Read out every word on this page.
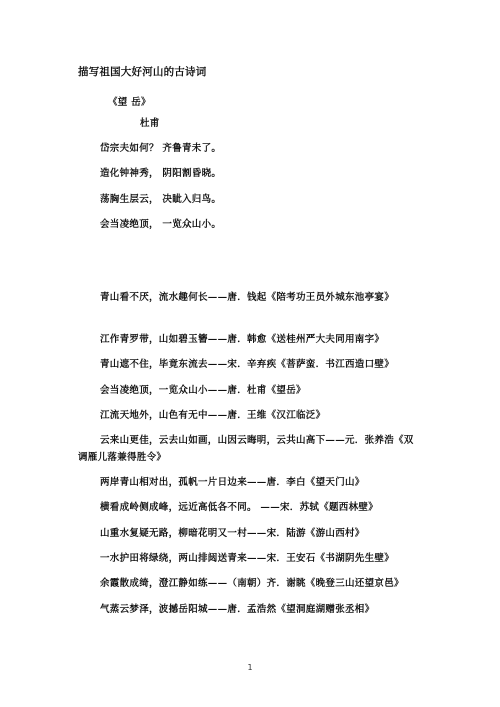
描写祖国大好河山的古诗词
《望 岳》
杜甫
岱宗夫如何？ 齐鲁青未了。
造化钟神秀， 阴阳割昏晓。
荡胸生层云， 决眦入归鸟。
会当凌绝顶， 一览众山小。
青山看不厌，流水趣何长——唐．钱起《陪考功王员外城东池亭宴》
江作青罗带，山如碧玉簪——唐．韩愈《送桂州严大夫同用南字》
青山遮不住，毕竟东流去——宋．辛弃疾《菩萨蛮．书江西造口壁》
会当凌绝顶，一览众山小——唐．杜甫《望岳》
江流天地外，山色有无中——唐．王维《汉江临泛》
云来山更佳，云去山如画，山因云晦明，云共山高下——元．张养浩《双调雁儿落兼得胜令》
两岸青山相对出，孤帆一片日边来——唐．李白《望天门山》
横看成岭侧成峰，远近高低各不同。 ——宋．苏轼《题西林壁》
山重水复疑无路，柳暗花明又一村——宋．陆游《游山西村》
一水护田将绿绕，两山排闼送青来——宋．王安石《书湖阴先生壁》
余霞散成绮，澄江静如练——（南朝）齐．谢眺《晚登三山还望京邑》
气蒸云梦泽，波撼岳阳城——唐．孟浩然《望洞庭湖赠张丞相》
1
